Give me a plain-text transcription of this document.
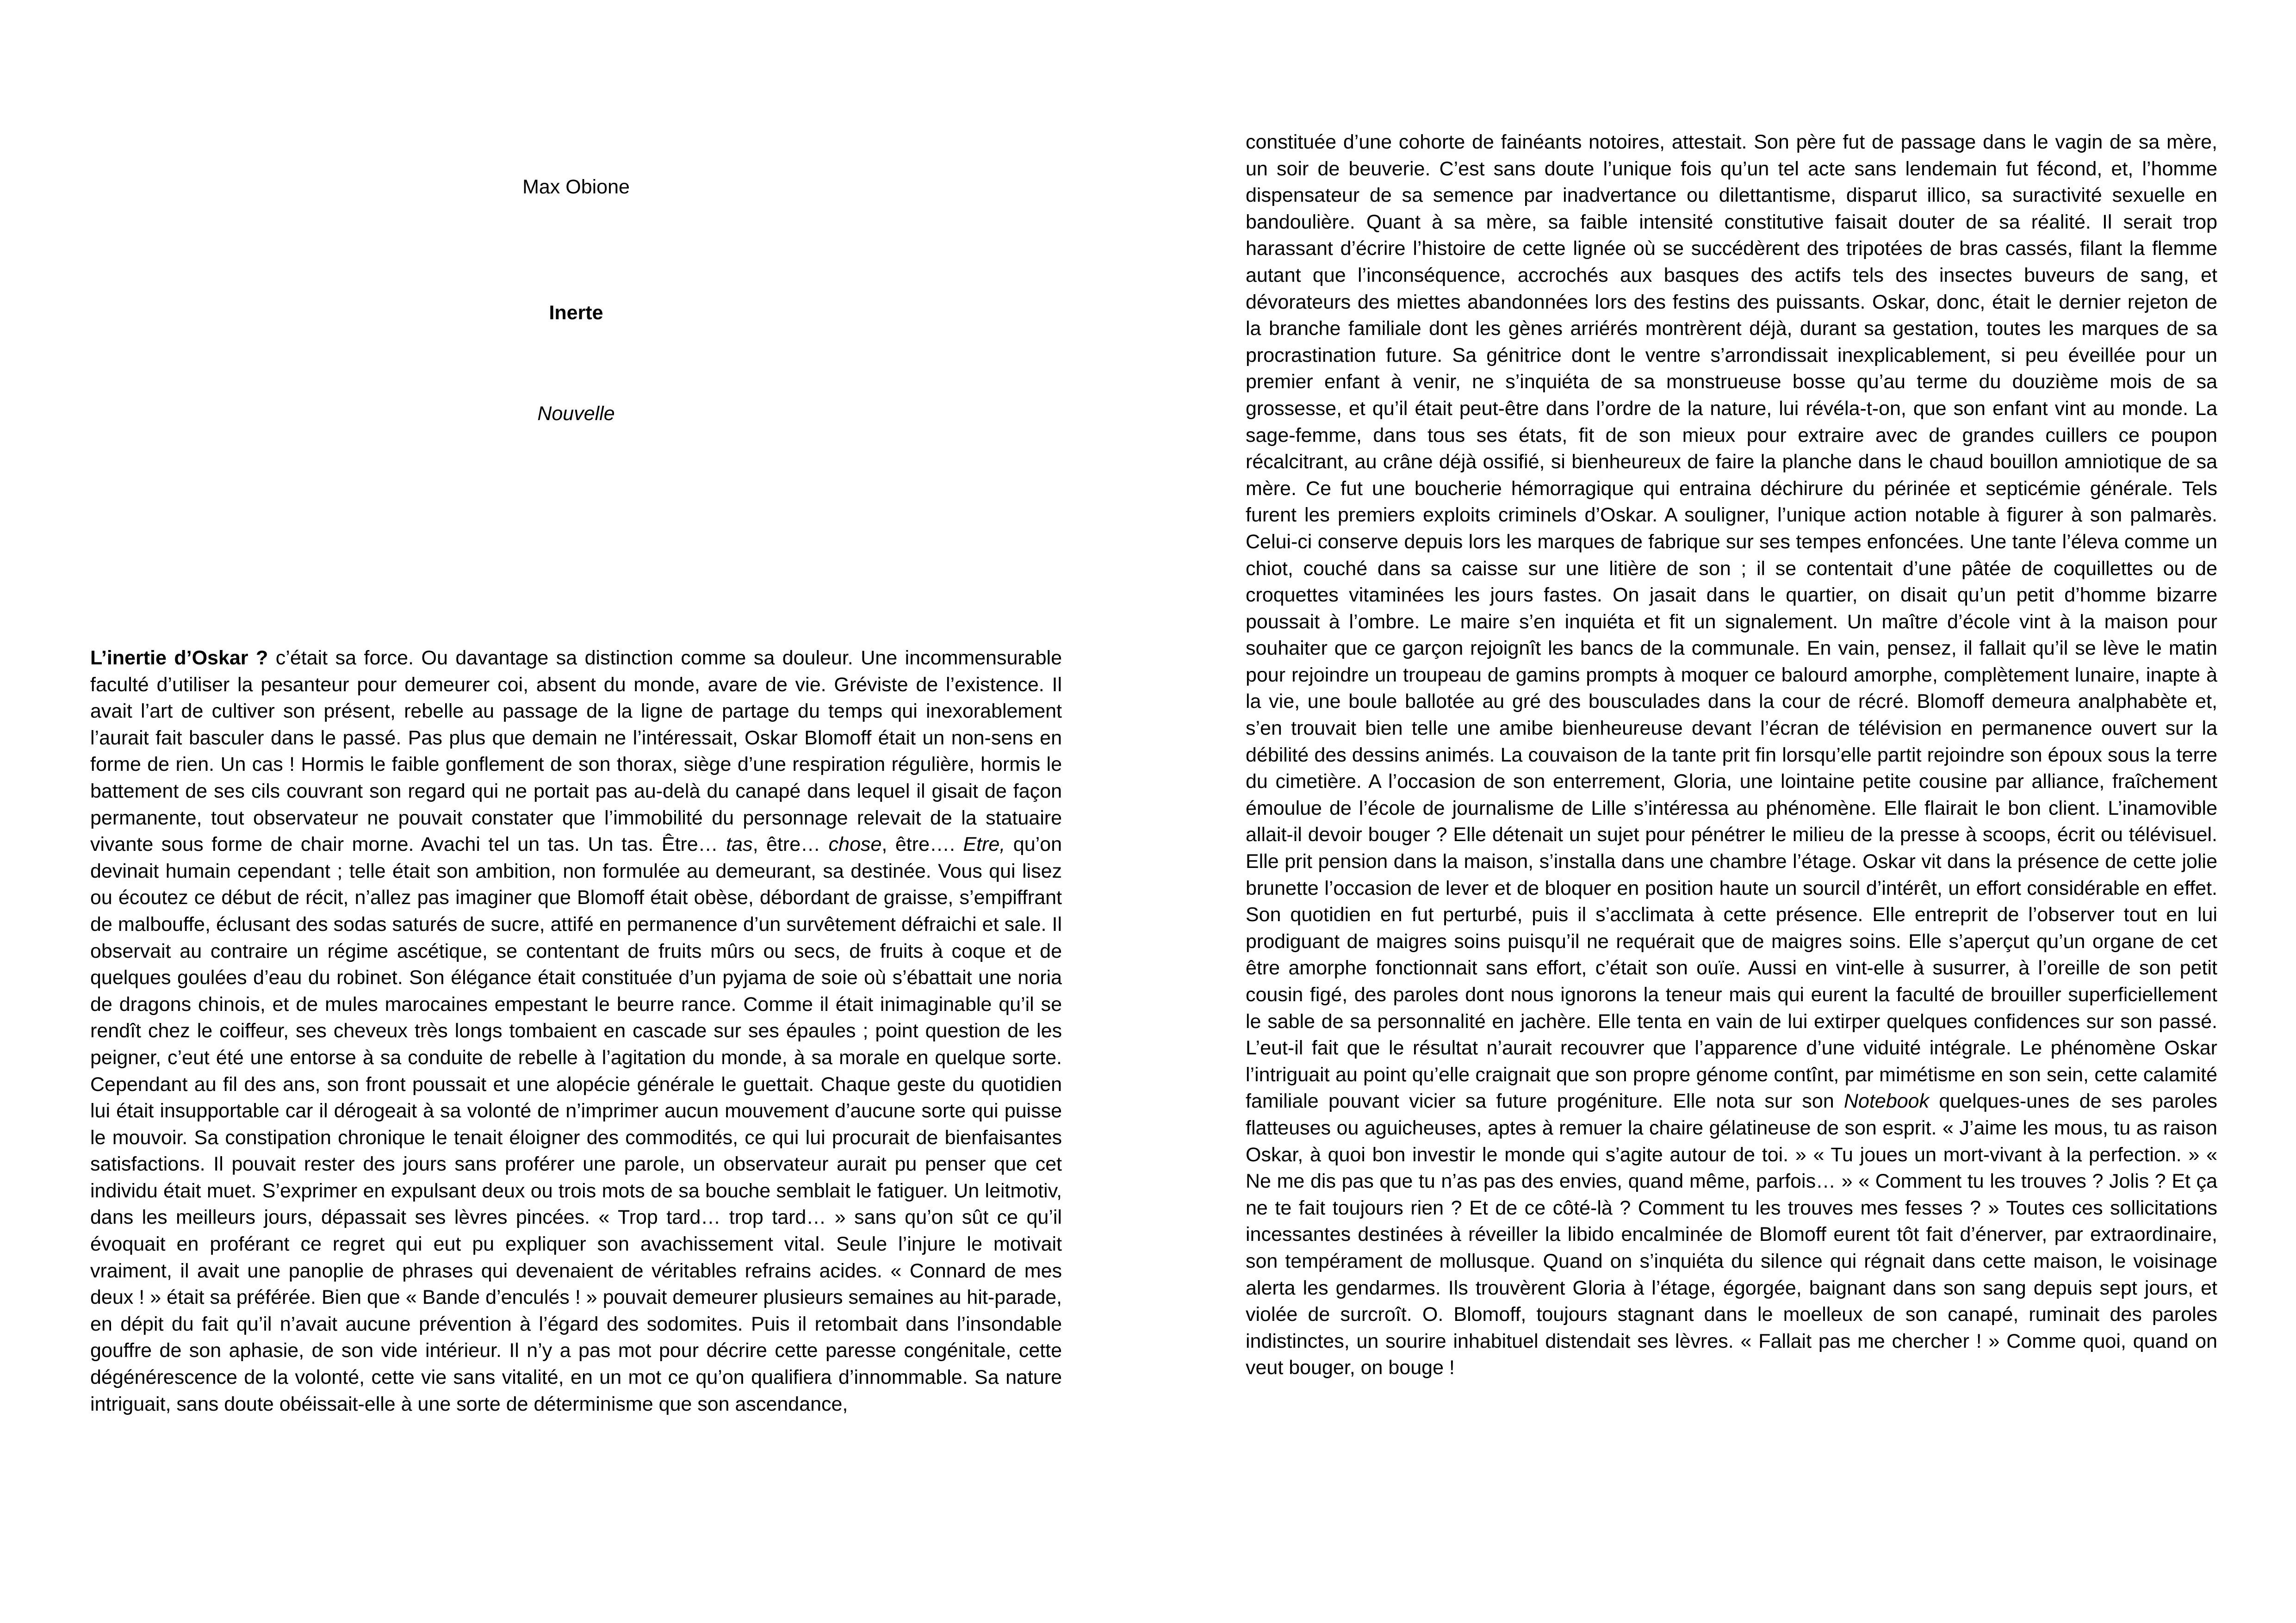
Max Obione

Inerte

Nouvelle

L’inertie d’Oskar ? c’était sa force. Ou davantage sa distinction comme sa douleur. Une incommensurable faculté d’utiliser la pesanteur pour demeurer coi, absent du monde, avare de vie. Gréviste de l’existence. Il avait l’art de cultiver son présent, rebelle au passage de la ligne de partage du temps qui inexorablement l’aurait fait basculer dans le passé. Pas plus que demain ne l’intéressait, Oskar Blomoff était un non-sens en forme de rien. Un cas ! Hormis le faible gonflement de son thorax, siège d’une respiration régulière, hormis le battement de ses cils couvrant son regard qui ne portait pas au-delà du canapé dans lequel il gisait de façon permanente, tout observateur ne pouvait constater que l’immobilité du personnage relevait de la statuaire vivante sous forme de chair morne. Avachi tel un tas. Un tas. Être… tas, être… chose, être…. Etre, qu’on devinait humain cependant ; telle était son ambition, non formulée au demeurant, sa destinée. Vous qui lisez ou écoutez ce début de récit, n’allez pas imaginer que Blomoff était obèse, débordant de graisse, s’empiffrant de malbouffe, éclusant des sodas saturés de sucre, attifé en permanence d’un survêtement défraichi et sale. Il observait au contraire un régime ascétique, se contentant de fruits mûrs ou secs, de fruits à coque et de quelques goulées d’eau du robinet. Son élégance était constituée d’un pyjama de soie où s’ébattait une noria de dragons chinois, et de mules marocaines empestant le beurre rance. Comme il était inimaginable qu’il se rendît chez le coiffeur, ses cheveux très longs tombaient en cascade sur ses épaules ; point question de les peigner, c’eut été une entorse à sa conduite de rebelle à l’agitation du monde, à sa morale en quelque sorte. Cependant au fil des ans, son front poussait et une alopécie générale le guettait. Chaque geste du quotidien lui était insupportable car il dérogeait à sa volonté de n’imprimer aucun mouvement d’aucune sorte qui puisse le mouvoir. Sa constipation chronique le tenait éloigner des commodités, ce qui lui procurait de bienfaisantes satisfactions. Il pouvait rester des jours sans proférer une parole, un observateur aurait pu penser que cet individu était muet. S’exprimer en expulsant deux ou trois mots de sa bouche semblait le fatiguer. Un leitmotiv, dans les meilleurs jours, dépassait ses lèvres pincées. « Trop tard… trop tard… » sans qu’on sût ce qu’il évoquait en proférant ce regret qui eut pu expliquer son avachissement vital. Seule l’injure le motivait vraiment, il avait une panoplie de phrases qui devenaient de véritables refrains acides. « Connard de mes deux ! » était sa préférée. Bien que « Bande d’enculés ! » pouvait demeurer plusieurs semaines au hit-parade, en dépit du fait qu’il n’avait aucune prévention à l’égard des sodomites. Puis il retombait dans l’insondable gouffre de son aphasie, de son vide intérieur. Il n’y a pas mot pour décrire cette paresse congénitale, cette dégénérescence de la volonté, cette vie sans vitalité, en un mot ce qu’on qualifiera d’innommable. Sa nature intriguait, sans doute obéissait-elle à une sorte de déterminisme que son ascendance,

constituée d’une cohorte de fainéants notoires, attestait. Son père fut de passage dans le vagin de sa mère, un soir de beuverie. C’est sans doute l’unique fois qu’un tel acte sans lendemain fut fécond, et, l’homme dispensateur de sa semence par inadvertance ou dilettantisme, disparut illico, sa suractivité sexuelle en bandoulière. Quant à sa mère, sa faible intensité constitutive faisait douter de sa réalité. Il serait trop harassant d’écrire l’histoire de cette lignée où se succédèrent des tripotées de bras cassés, filant la flemme autant que l’inconséquence, accrochés aux basques des actifs tels des insectes buveurs de sang, et dévorateurs des miettes abandonnées lors des festins des puissants. Oskar, donc, était le dernier rejeton de la branche familiale dont les gènes arriérés montrèrent déjà, durant sa gestation, toutes les marques de sa procrastination future. Sa génitrice dont le ventre s’arrondissait inexplicablement, si peu éveillée pour un premier enfant à venir, ne s’inquiéta de sa monstrueuse bosse qu’au terme du douzième mois de sa grossesse, et qu’il était peut-être dans l’ordre de la nature, lui révéla-t-on, que son enfant vint au monde. La sage-femme, dans tous ses états, fit de son mieux pour extraire avec de grandes cuillers ce poupon récalcitrant, au crâne déjà ossifié, si bienheureux de faire la planche dans le chaud bouillon amniotique de sa mère. Ce fut une boucherie hémorragique qui entraina déchirure du périnée et septicémie générale. Tels furent les premiers exploits criminels d’Oskar. A souligner, l’unique action notable à figurer à son palmarès. Celui-ci conserve depuis lors les marques de fabrique sur ses tempes enfoncées. Une tante l’éleva comme un chiot, couché dans sa caisse sur une litière de son ; il se contentait d’une pâtée de coquillettes ou de croquettes vitaminées les jours fastes. On jasait dans le quartier, on disait qu’un petit d’homme bizarre poussait à l’ombre. Le maire s’en inquiéta et fit un signalement. Un maître d’école vint à la maison pour souhaiter que ce garçon rejoignît les bancs de la communale. En vain, pensez, il fallait qu’il se lève le matin pour rejoindre un troupeau de gamins prompts à moquer ce balourd amorphe, complètement lunaire, inapte à la vie, une boule ballotée au gré des bousculades dans la cour de récré. Blomoff demeura analphabète et, s’en trouvait bien telle une amibe bienheureuse devant l’écran de télévision en permanence ouvert sur la débilité des dessins animés. La couvaison de la tante prit fin lorsqu’elle partit rejoindre son époux sous la terre du cimetière. A l’occasion de son enterrement, Gloria, une lointaine petite cousine par alliance, fraîchement émoulue de l’école de journalisme de Lille s’intéressa au phénomène. Elle flairait le bon client. L’inamovible allait-il devoir bouger ? Elle détenait un sujet pour pénétrer le milieu de la presse à scoops, écrit ou télévisuel. Elle prit pension dans la maison, s’installa dans une chambre l’étage. Oskar vit dans la présence de cette jolie brunette l’occasion de lever et de bloquer en position haute un sourcil d’intérêt, un effort considérable en effet. Son quotidien en fut perturbé, puis il s’acclimata à cette présence. Elle entreprit de l’observer tout en lui prodiguant de maigres soins puisqu’il ne requérait que de maigres soins. Elle s’aperçut qu’un organe de cet être amorphe fonctionnait sans effort, c’était son ouïe. Aussi en vint-elle à susurrer, à l’oreille de son petit cousin figé, des paroles dont nous ignorons la teneur mais qui eurent la faculté de brouiller superficiellement le sable de sa personnalité en jachère. Elle tenta en vain de lui extirper quelques confidences sur son passé. L’eut-il fait que le résultat n’aurait recouvrer que l’apparence d’une viduité intégrale. Le phénomène Oskar l’intriguait au point qu’elle craignait que son propre génome contînt, par mimétisme en son sein, cette calamité familiale pouvant vicier sa future progéniture. Elle nota sur son Notebook quelques-unes de ses paroles flatteuses ou aguicheuses, aptes à remuer la chaire gélatineuse de son esprit. « J’aime les mous, tu as raison Oskar, à quoi bon investir le monde qui s’agite autour de toi. » « Tu joues un mort-vivant à la perfection. » « Ne me dis pas que tu n’as pas des envies, quand même, parfois… » « Comment tu les trouves ? Jolis ? Et ça ne te fait toujours rien ? Et de ce côté-là ? Comment tu les trouves mes fesses ? » Toutes ces sollicitations incessantes destinées à réveiller la libido encalminée de Blomoff eurent tôt fait d’énerver, par extraordinaire, son tempérament de mollusque. Quand on s’inquiéta du silence qui régnait dans cette maison, le voisinage alerta les gendarmes. Ils trouvèrent Gloria à l’étage, égorgée, baignant dans son sang depuis sept jours, et violée de surcroît. O. Blomoff, toujours stagnant dans le moelleux de son canapé, ruminait des paroles indistinctes, un sourire inhabituel distendait ses lèvres. « Fallait pas me chercher ! » Comme quoi, quand on veut bouger, on bouge !
